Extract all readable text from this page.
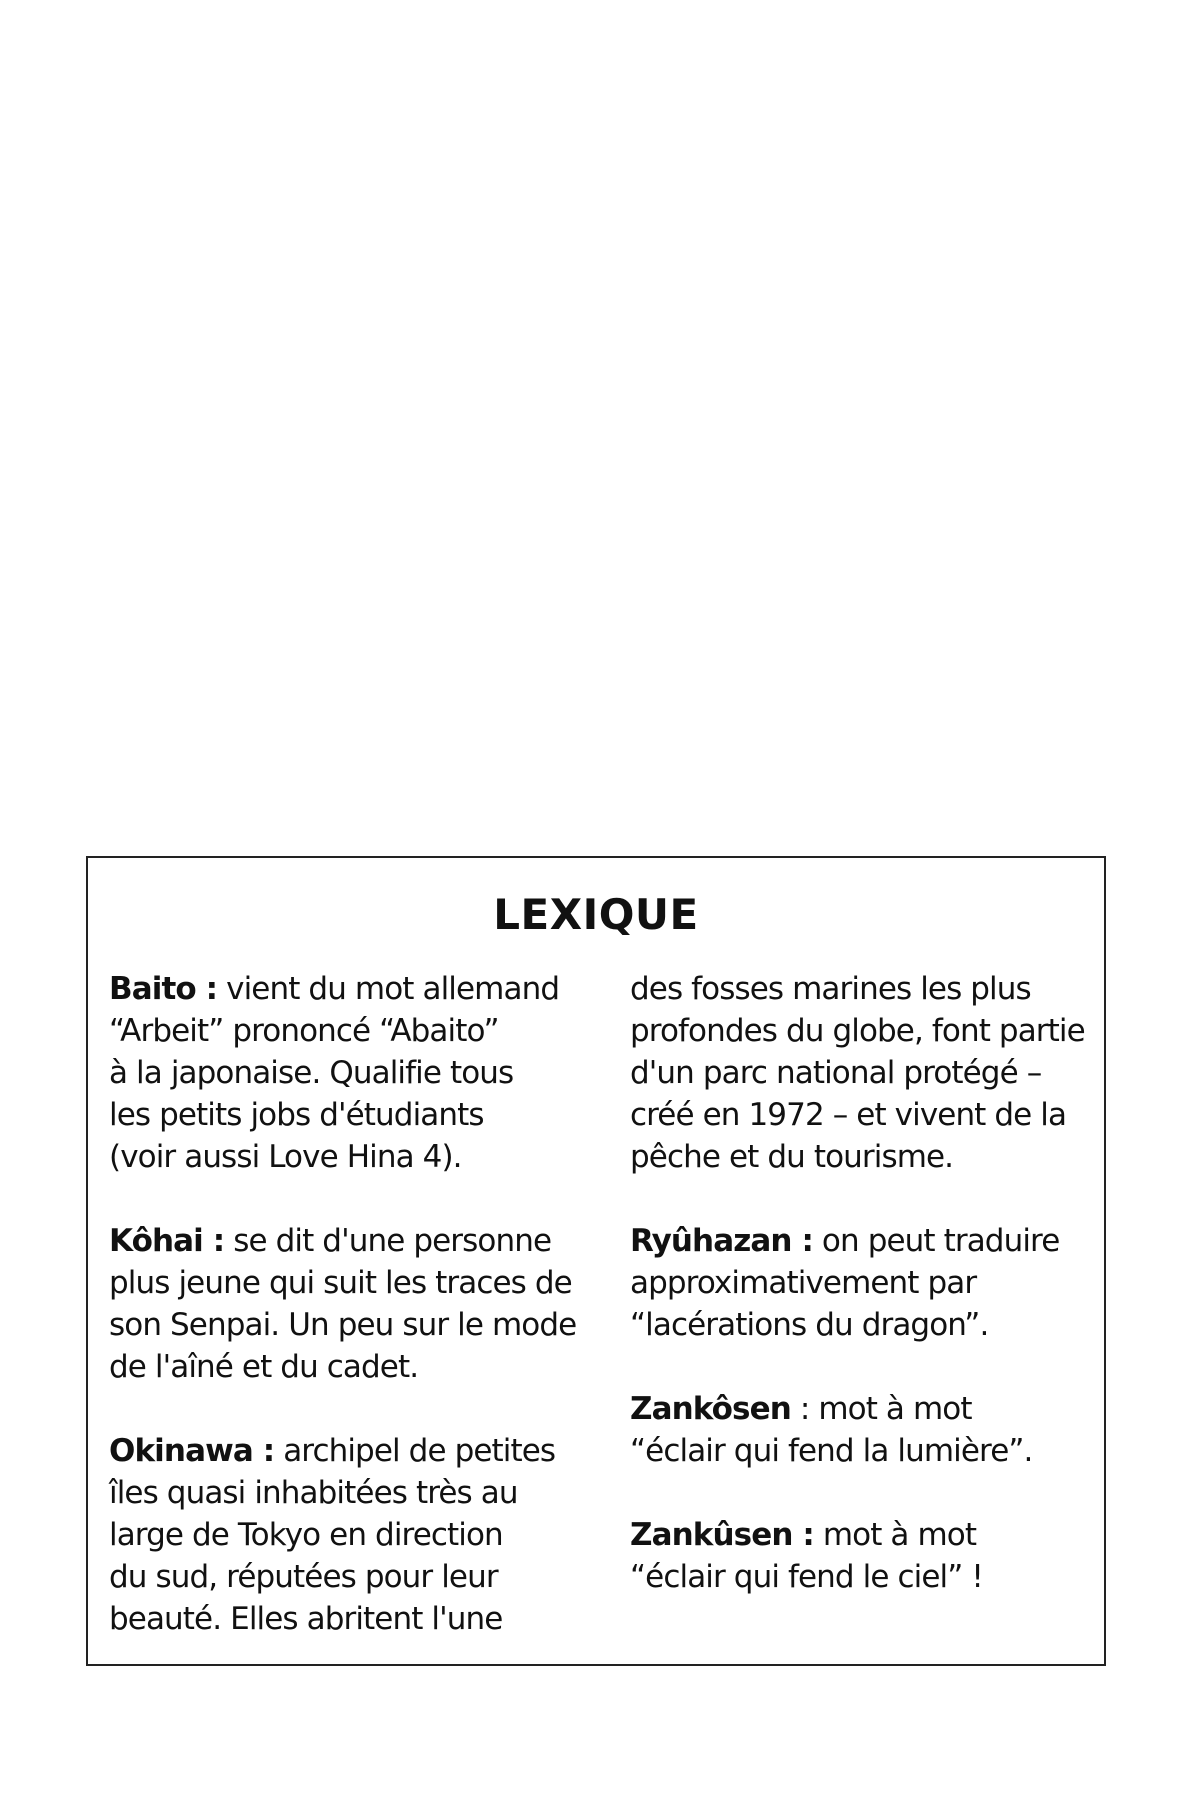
LEXIQUE
Baito : vient du mot allemand
“Arbeit” prononcé “Abaito”
à la japonaise. Qualifie tous
les petits jobs d'étudiants
(voir aussi Love Hina 4).
Kôhai : se dit d'une personne
plus jeune qui suit les traces de
son Senpai. Un peu sur le mode
de l'aîné et du cadet.
Okinawa : archipel de petites
îles quasi inhabitées très au
large de Tokyo en direction
du sud, réputées pour leur
beauté. Elles abritent l'une
des fosses marines les plus
profondes du globe, font partie
d'un parc national protégé –
créé en 1972 – et vivent de la
pêche et du tourisme.
Ryûhazan : on peut traduire
approximativement par
“lacérations du dragon”.
Zankôsen : mot à mot
“éclair qui fend la lumière”.
Zankûsen : mot à mot
“éclair qui fend le ciel” !
